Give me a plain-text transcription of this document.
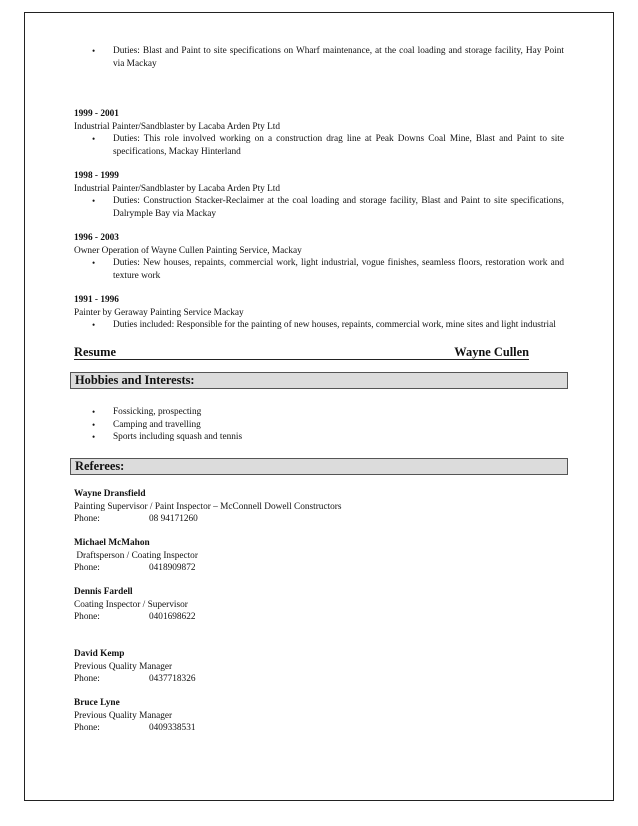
• Duties: Blast and Paint to site specifications on Wharf maintenance, at the coal loading and storage facility, Hay Point via Mackay
1999 - 2001
Industrial Painter/Sandblaster by Lacaba Arden Pty Ltd
• Duties: This role involved working on a construction drag line at Peak Downs Coal Mine, Blast and Paint to site specifications, Mackay Hinterland
1998 - 1999
Industrial Painter/Sandblaster by Lacaba Arden Pty Ltd
• Duties: Construction Stacker-Reclaimer at the coal loading and storage facility, Blast and Paint to site specifications, Dalrymple Bay via Mackay
1996 - 2003
Owner Operation of Wayne Cullen Painting Service, Mackay
• Duties: New houses, repaints, commercial work, light industrial, vogue finishes, seamless floors, restoration work and texture work
1991 - 1996
Painter by Geraway Painting Service Mackay
• Duties included: Responsible for the painting of new houses, repaints, commercial work, mine sites and light industrial
Resume	Wayne Cullen
Hobbies and Interests:
• Fossicking, prospecting
• Camping and travelling
• Sports including squash and tennis
Referees:
Wayne Dransfield
Painting Supervisor / Paint Inspector – McConnell Dowell Constructors
Phone:	08 94171260
Michael McMahon
Draftsperson / Coating Inspector
Phone:	0418909872
Dennis Fardell
Coating Inspector / Supervisor
Phone:	0401698622
David Kemp
Previous Quality Manager
Phone:	0437718326
Bruce Lyne
Previous Quality Manager
Phone:	0409338531
